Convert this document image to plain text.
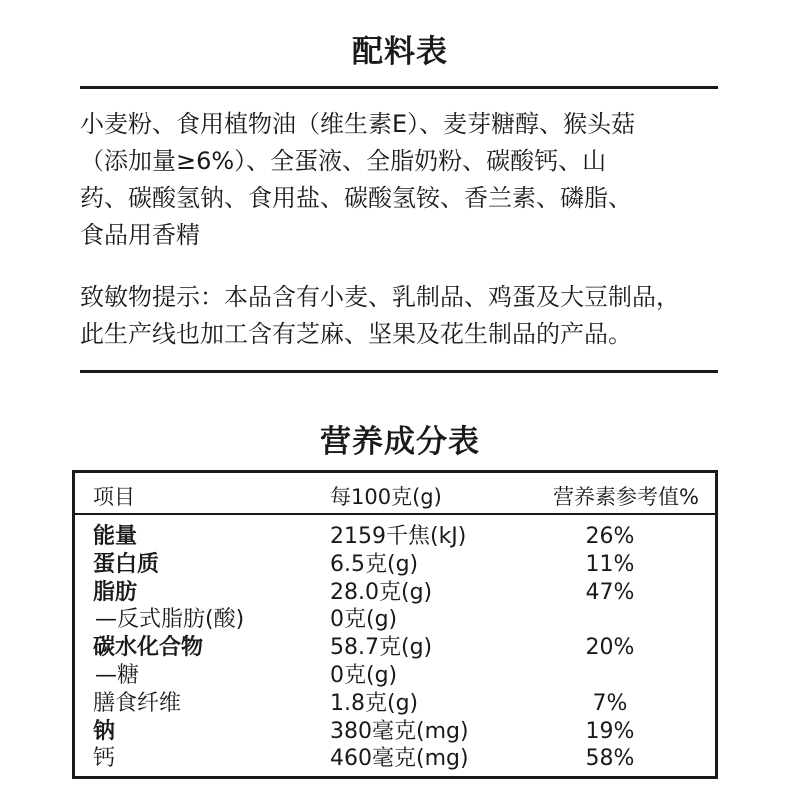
配料表
小麦粉、食用植物油（维生素E）、麦芽糖醇、猴头菇
（添加量≥6%）、全蛋液、全脂奶粉、碳酸钙、山
药、碳酸氢钠、食用盐、碳酸氢铵、香兰素、磷脂、
食品用香精
致敏物提示：本品含有小麦、乳制品、鸡蛋及大豆制品，
此生产线也加工含有芝麻、坚果及花生制品的产品。
营养成分表
项目	每100克(g)	营养素参考值%
能量	2159千焦(kJ)	26%
蛋白质	6.5克(g)	11%
脂肪	28.0克(g)	47%
—反式脂肪(酸)	0克(g)
碳水化合物	58.7克(g)	20%
—糖	0克(g)
膳食纤维	1.8克(g)	7%
钠	380毫克(mg)	19%
钙	460毫克(mg)	58%
